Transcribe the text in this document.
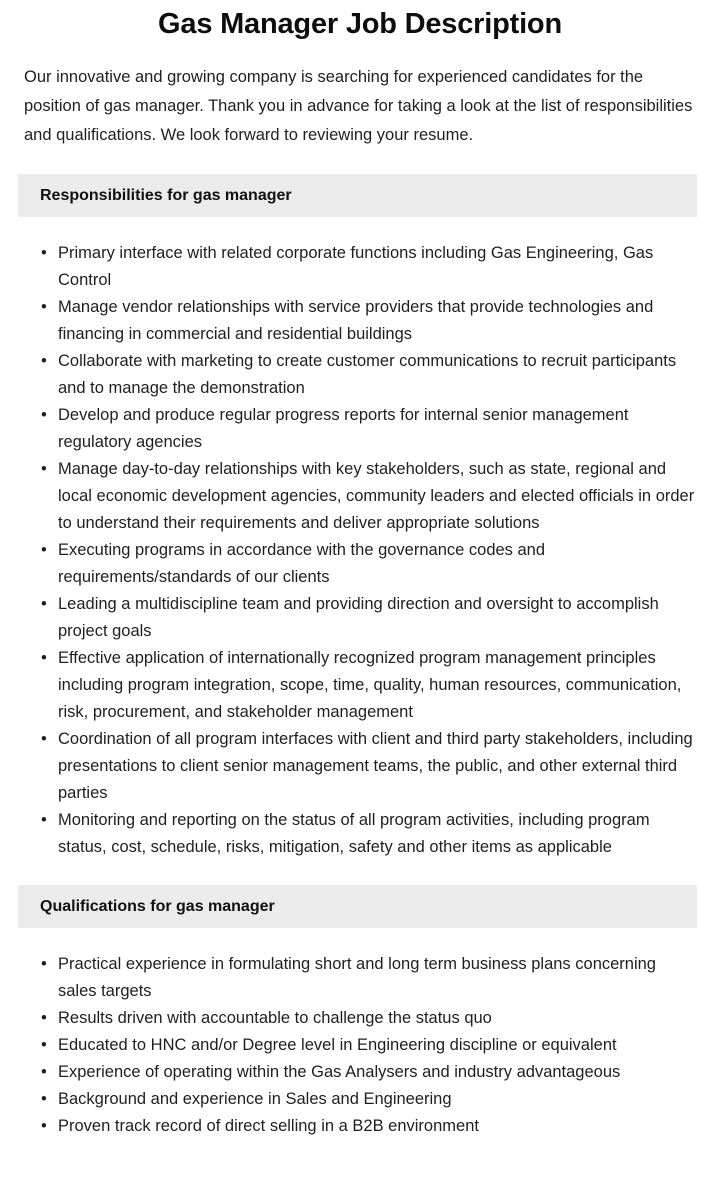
Gas Manager Job Description

Our innovative and growing company is searching for experienced candidates for the position of gas manager. Thank you in advance for taking a look at the list of responsibilities and qualifications. We look forward to reviewing your resume.

Responsibilities for gas manager
• Primary interface with related corporate functions including Gas Engineering, Gas Control
• Manage vendor relationships with service providers that provide technologies and financing in commercial and residential buildings
• Collaborate with marketing to create customer communications to recruit participants and to manage the demonstration
• Develop and produce regular progress reports for internal senior management regulatory agencies
• Manage day-to-day relationships with key stakeholders, such as state, regional and local economic development agencies, community leaders and elected officials in order to understand their requirements and deliver appropriate solutions
• Executing programs in accordance with the governance codes and requirements/standards of our clients
• Leading a multidiscipline team and providing direction and oversight to accomplish project goals
• Effective application of internationally recognized program management principles including program integration, scope, time, quality, human resources, communication, risk, procurement, and stakeholder management
• Coordination of all program interfaces with client and third party stakeholders, including presentations to client senior management teams, the public, and other external third parties
• Monitoring and reporting on the status of all program activities, including program status, cost, schedule, risks, mitigation, safety and other items as applicable
Qualifications for gas manager
• Practical experience in formulating short and long term business plans concerning sales targets
• Results driven with accountable to challenge the status quo
• Educated to HNC and/or Degree level in Engineering discipline or equivalent
• Experience of operating within the Gas Analysers and industry advantageous
• Background and experience in Sales and Engineering
• Proven track record of direct selling in a B2B environment
